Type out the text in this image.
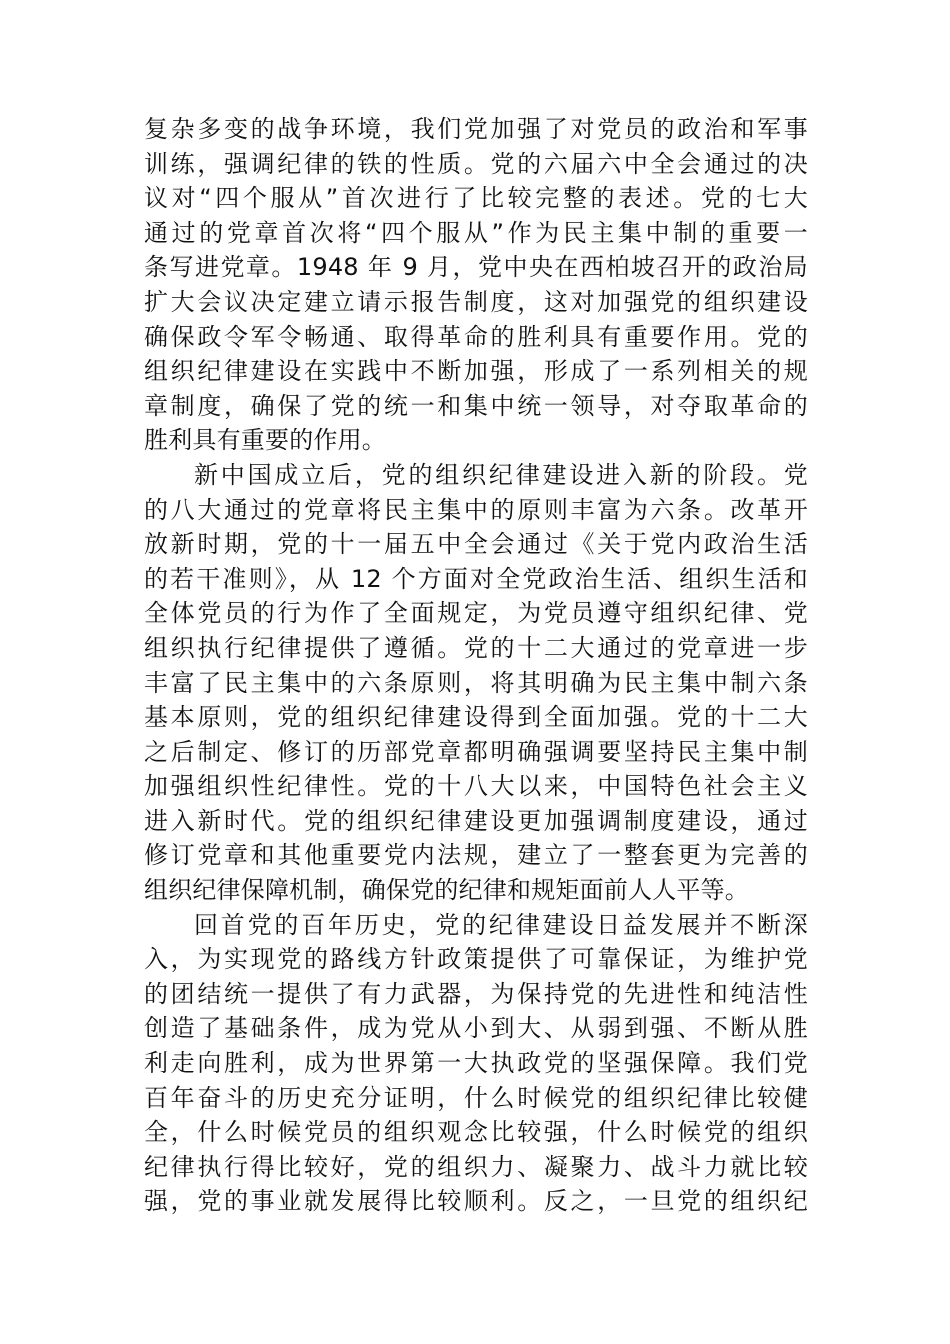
复杂多变的战争环境，我们党加强了对党员的政治和军事
训练，强调纪律的铁的性质。党的六届六中全会通过的决
议对“四个服从”首次进行了比较完整的表述。党的七大
通过的党章首次将“四个服从”作为民主集中制的重要一
条写进党章。1948 年 9 月，党中央在西柏坡召开的政治局
扩大会议决定建立请示报告制度，这对加强党的组织建设
确保政令军令畅通、取得革命的胜利具有重要作用。党的
组织纪律建设在实践中不断加强，形成了一系列相关的规
章制度，确保了党的统一和集中统一领导，对夺取革命的
胜利具有重要的作用。
新中国成立后，党的组织纪律建设进入新的阶段。党
的八大通过的党章将民主集中的原则丰富为六条。改革开
放新时期，党的十一届五中全会通过《关于党内政治生活
的若干准则》，从 12 个方面对全党政治生活、组织生活和
全体党员的行为作了全面规定，为党员遵守组织纪律、党
组织执行纪律提供了遵循。党的十二大通过的党章进一步
丰富了民主集中的六条原则，将其明确为民主集中制六条
基本原则，党的组织纪律建设得到全面加强。党的十二大
之后制定、修订的历部党章都明确强调要坚持民主集中制
加强组织性纪律性。党的十八大以来，中国特色社会主义
进入新时代。党的组织纪律建设更加强调制度建设，通过
修订党章和其他重要党内法规，建立了一整套更为完善的
组织纪律保障机制，确保党的纪律和规矩面前人人平等。
回首党的百年历史，党的纪律建设日益发展并不断深
入，为实现党的路线方针政策提供了可靠保证，为维护党
的团结统一提供了有力武器，为保持党的先进性和纯洁性
创造了基础条件，成为党从小到大、从弱到强、不断从胜
利走向胜利，成为世界第一大执政党的坚强保障。我们党
百年奋斗的历史充分证明，什么时候党的组织纪律比较健
全，什么时候党员的组织观念比较强，什么时候党的组织
纪律执行得比较好，党的组织力、凝聚力、战斗力就比较
强，党的事业就发展得比较顺利。反之，一旦党的组织纪
